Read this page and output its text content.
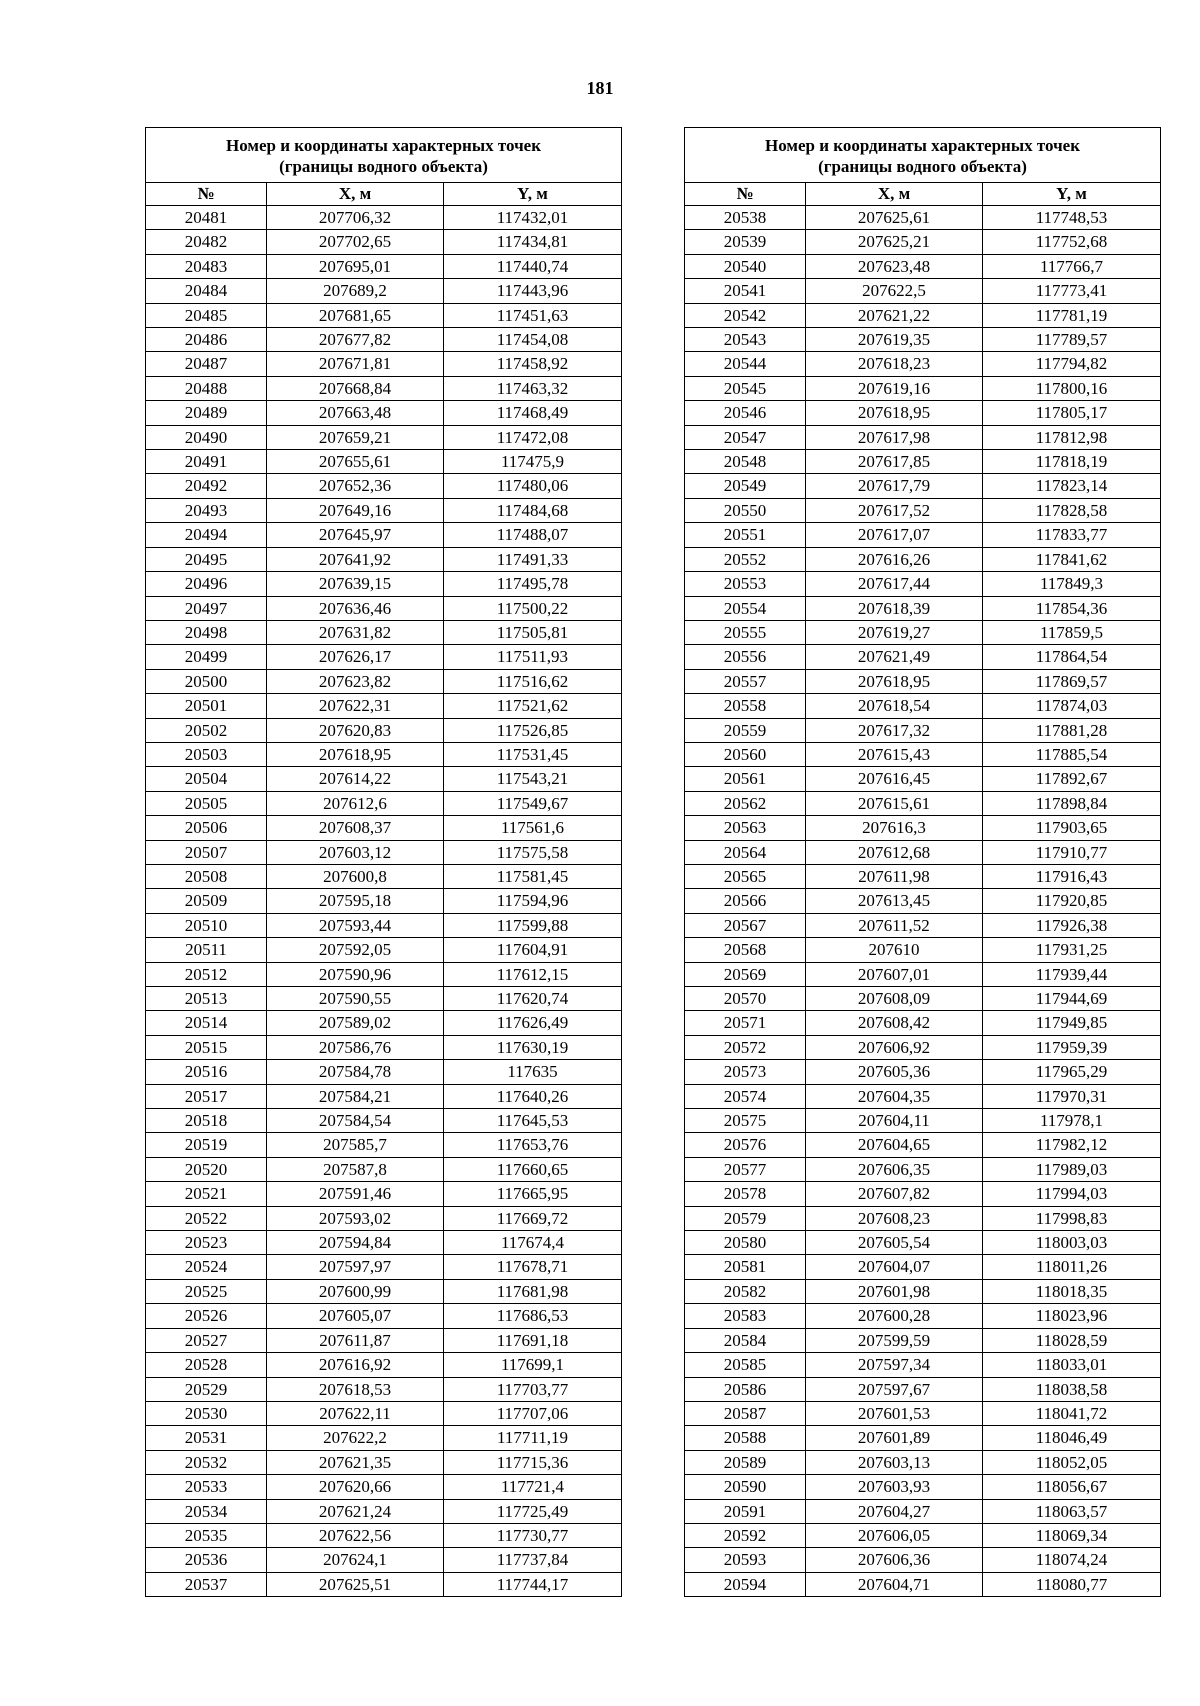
181
Номер и координаты характерных точек
(границы водного объекта)		

№	X, м	Y, м
20481	207706,32	117432,01
20482	207702,65	117434,81
20483	207695,01	117440,74
20484	207689,2	117443,96
20485	207681,65	117451,63
20486	207677,82	117454,08
20487	207671,81	117458,92
20488	207668,84	117463,32
20489	207663,48	117468,49
20490	207659,21	117472,08
20491	207655,61	117475,9
20492	207652,36	117480,06
20493	207649,16	117484,68
20494	207645,97	117488,07
20495	207641,92	117491,33
20496	207639,15	117495,78
20497	207636,46	117500,22
20498	207631,82	117505,81
20499	207626,17	117511,93
20500	207623,82	117516,62
20501	207622,31	117521,62
20502	207620,83	117526,85
20503	207618,95	117531,45
20504	207614,22	117543,21
20505	207612,6	117549,67
20506	207608,37	117561,6
20507	207603,12	117575,58
20508	207600,8	117581,45
20509	207595,18	117594,96
20510	207593,44	117599,88
20511	207592,05	117604,91
20512	207590,96	117612,15
20513	207590,55	117620,74
20514	207589,02	117626,49
20515	207586,76	117630,19
20516	207584,78	117635
20517	207584,21	117640,26
20518	207584,54	117645,53
20519	207585,7	117653,76
20520	207587,8	117660,65
20521	207591,46	117665,95
20522	207593,02	117669,72
20523	207594,84	117674,4
20524	207597,97	117678,71
20525	207600,99	117681,98
20526	207605,07	117686,53
20527	207611,87	117691,18
20528	207616,92	117699,1
20529	207618,53	117703,77
20530	207622,11	117707,06
20531	207622,2	117711,19
20532	207621,35	117715,36
20533	207620,66	117721,4
20534	207621,24	117725,49
20535	207622,56	117730,77
20536	207624,1	117737,84
20537	207625,51	117744,17
Номер и координаты характерных точек
(границы водного объекта)		

№	X, м	Y, м
20538	207625,61	117748,53
20539	207625,21	117752,68
20540	207623,48	117766,7
20541	207622,5	117773,41
20542	207621,22	117781,19
20543	207619,35	117789,57
20544	207618,23	117794,82
20545	207619,16	117800,16
20546	207618,95	117805,17
20547	207617,98	117812,98
20548	207617,85	117818,19
20549	207617,79	117823,14
20550	207617,52	117828,58
20551	207617,07	117833,77
20552	207616,26	117841,62
20553	207617,44	117849,3
20554	207618,39	117854,36
20555	207619,27	117859,5
20556	207621,49	117864,54
20557	207618,95	117869,57
20558	207618,54	117874,03
20559	207617,32	117881,28
20560	207615,43	117885,54
20561	207616,45	117892,67
20562	207615,61	117898,84
20563	207616,3	117903,65
20564	207612,68	117910,77
20565	207611,98	117916,43
20566	207613,45	117920,85
20567	207611,52	117926,38
20568	207610	117931,25
20569	207607,01	117939,44
20570	207608,09	117944,69
20571	207608,42	117949,85
20572	207606,92	117959,39
20573	207605,36	117965,29
20574	207604,35	117970,31
20575	207604,11	117978,1
20576	207604,65	117982,12
20577	207606,35	117989,03
20578	207607,82	117994,03
20579	207608,23	117998,83
20580	207605,54	118003,03
20581	207604,07	118011,26
20582	207601,98	118018,35
20583	207600,28	118023,96
20584	207599,59	118028,59
20585	207597,34	118033,01
20586	207597,67	118038,58
20587	207601,53	118041,72
20588	207601,89	118046,49
20589	207603,13	118052,05
20590	207603,93	118056,67
20591	207604,27	118063,57
20592	207606,05	118069,34
20593	207606,36	118074,24
20594	207604,71	118080,77
